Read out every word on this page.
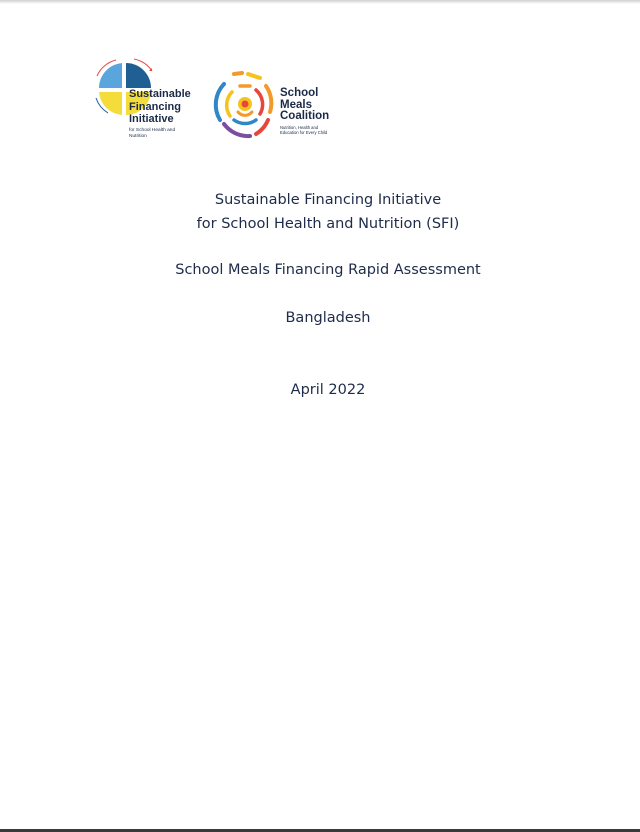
Sustainable
Financing
Initiative
for School Health and
Nutrition
School
Meals
Coalition
Nutrition, Health and
Education for Every Child
Sustainable Financing Initiative
for School Health and Nutrition (SFI)
School Meals Financing Rapid Assessment
Bangladesh
April 2022
